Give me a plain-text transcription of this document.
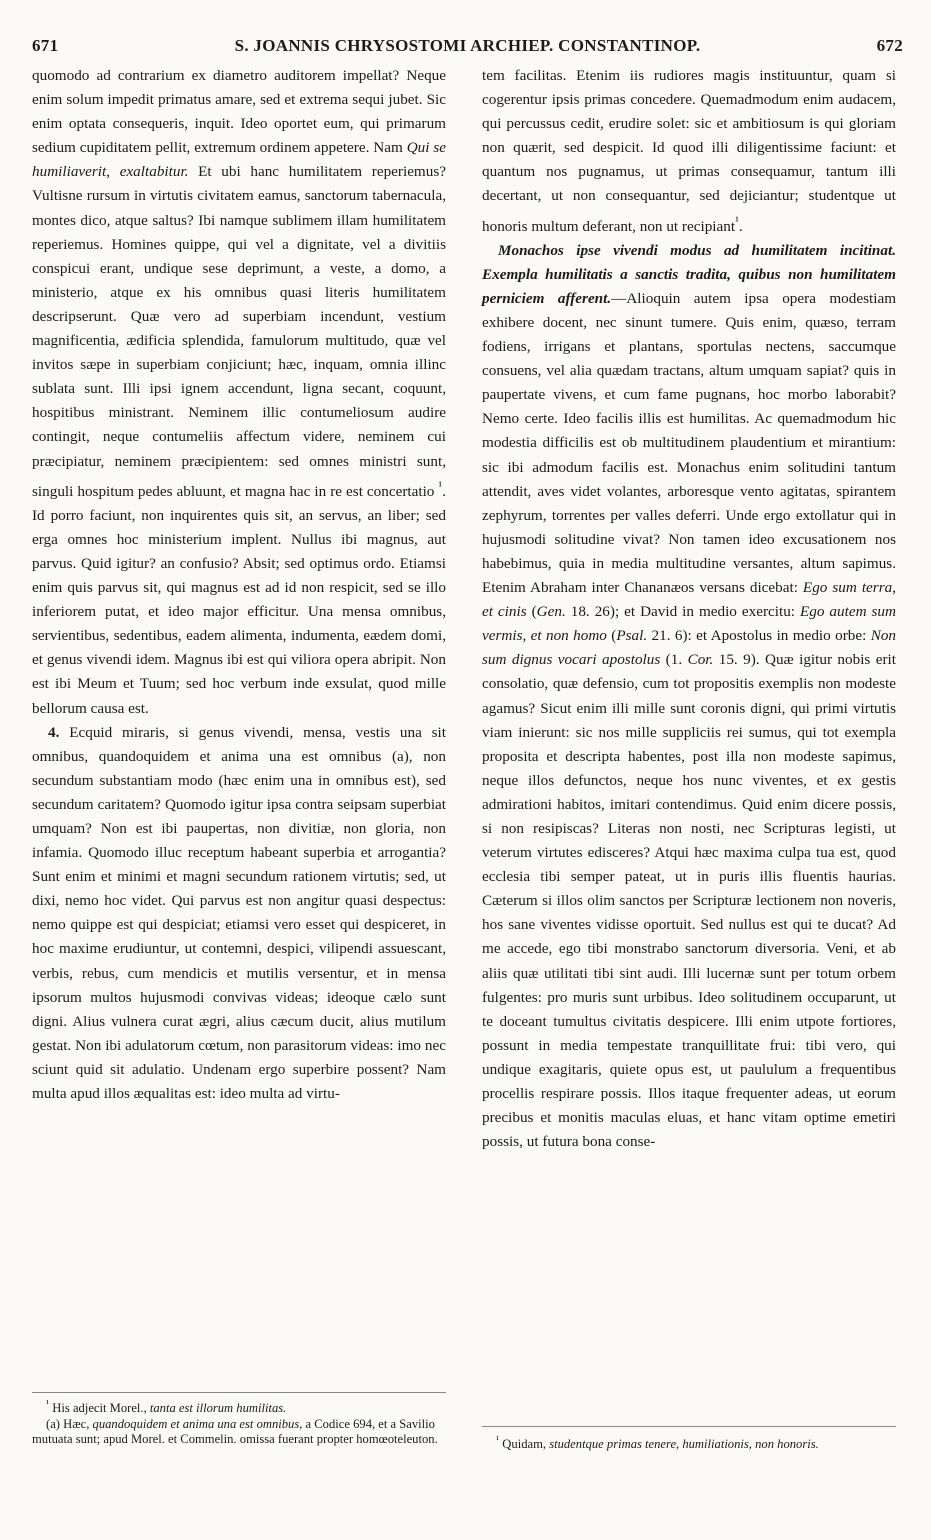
671	S. JOANNIS CHRYSOSTOMI ARCHIEP. CONSTANTINOP.	672

quomodo ad contrarium ex diametro auditorem impellat? Neque enim solum impedit primatus amare, sed et extrema sequi jubet. Sic enim optata consequeris, inquit. Ideo oportet eum, qui primarum sedium cupiditatem pellit, extremum ordinem appetere. Nam Qui se humiliaverit, exaltabitur. Et ubi hanc humilitatem reperiemus? Vultisne rursum in virtutis civitatem eamus, sanctorum tabernacula, montes dico, atque saltus? Ibi namque sublimem illam humilitatem reperiemus. Homines quippe, qui vel a dignitate, vel a divitiis conspicui erant, undique sese deprimunt, a veste, a domo, a ministerio, atque ex his omnibus quasi literis humilitatem descripserunt. Quæ vero ad superbiam incendunt, vestium magnificentia, ædificia splendida, famulorum multitudo, quæ vel invitos sæpe in superbiam conjiciunt; hæc, inquam, omnia illinc sublata sunt. Illi ipsi ignem accendunt, ligna secant, coquunt, hospitibus ministrant. Neminem illic contumeliosum audire contingit, neque contumeliis affectum videre, neminem cui præcipiatur, neminem præcipientem: sed omnes ministri sunt, singuli hospitum pedes abluunt, et magna hac in re est concertatio $^{^1}$. Id porro faciunt, non inquirentes quis sit, an servus, an liber; sed erga omnes hoc ministerium implent. Nullus ibi magnus, aut parvus. Quid igitur? an confusio? Absit; sed optimus ordo. Etiamsi enim quis parvus sit, qui magnus est ad id non respicit, sed se illo inferiorem putat, et ideo major efficitur. Una mensa omnibus, servientibus, sedentibus, eadem alimenta, indumenta, eædem domi, et genus vivendi idem. Magnus ibi est qui viliora opera abripit. Non est ibi Meum et Tuum; sed hoc verbum inde exsulat, quod mille bellorum causa est.

4. Ecquid miraris, si genus vivendi, mensa, vestis una sit omnibus, quandoquidem et anima una est omnibus (a), non secundum substantiam modo (hæc enim una in omnibus est), sed secundum caritatem? Quomodo igitur ipsa contra seipsam superbiat umquam? Non est ibi paupertas, non divitiæ, non gloria, non infamia. Quomodo illuc receptum habeant superbia et arrogantia? Sunt enim et minimi et magni secundum rationem virtutis; sed, ut dixi, nemo hoc videt. Qui parvus est non angitur quasi despectus: nemo quippe est qui despiciat; etiamsi vero esset qui despiceret, in hoc maxime erudiuntur, ut contemni, despici, vilipendi assuescant, verbis, rebus, cum mendicis et mutilis versentur, et in mensa ipsorum multos hujusmodi convivas videas; ideoque cælo sunt digni. Alius vulnera curat ægri, alius cæcum ducit, alius mutilum gestat. Non ibi adulatorum cœtum, non parasitorum videas: imo nec sciunt quid sit adulatio. Undenam ergo superbire possent? Nam multa apud illos æqualitas est: ideo multa ad virtu-

tem facilitas. Etenim iis rudiores magis instituuntur, quam si cogerentur ipsis primas concedere. Quemadmodum enim audacem, qui percussus cedit, erudire solet: sic et ambitiosum is qui gloriam non quærit, sed despicit. Id quod illi diligentissime faciunt: et quantum nos pugnamus, ut primas consequamur, tantum illi decertant, ut non consequantur, sed dejiciantur; studentque ut honoris multum deferant, non ut recipiant$^{^1}$.

Monachos ipse vivendi modus ad humilitatem incitinat. Exempla humilitatis a sanctis tradita, quibus non humilitatem perniciem afferent.—Alioquin autem ipsa opera modestiam exhibere docent, nec sinunt tumere. Quis enim, quæso, terram fodiens, irrigans et plantans, sportulas nectens, saccumque consuens, vel alia quædam tractans, altum umquam sapiat? quis in paupertate vivens, et cum fame pugnans, hoc morbo laborabit? Nemo certe. Ideo facilis illis est humilitas. Ac quemadmodum hic modestia difficilis est ob multitudinem plaudentium et mirantium: sic ibi admodum facilis est. Monachus enim solitudini tantum attendit, aves videt volantes, arboresque vento agitatas, spirantem zephyrum, torrentes per valles deferri. Unde ergo extollatur qui in hujusmodi solitudine vivat? Non tamen ideo excusationem nos habebimus, quia in media multitudine versantes, altum sapimus. Etenim Abraham inter Chananæos versans dicebat: Ego sum terra, et cinis (Gen. 18. 26); et David in medio exercitu: Ego autem sum vermis, et non homo (Psal. 21. 6): et Apostolus in medio orbe: Non sum dignus vocari apostolus (1. Cor. 15. 9). Quæ igitur nobis erit consolatio, quæ defensio, cum tot propositis exemplis non modeste agamus? Sicut enim illi mille sunt coronis digni, qui primi virtutis viam inierunt: sic nos mille suppliciis rei sumus, qui tot exempla proposita et descripta habentes, post illa non modeste sapimus, neque illos defunctos, neque hos nunc viventes, et ex gestis admirationi habitos, imitari contendimus. Quid enim dicere possis, si non resipiscas? Literas non nosti, nec Scripturas legisti, ut veterum virtutes edisceres? Atqui hæc maxima culpa tua est, quod ecclesia tibi semper pateat, ut in puris illis fluentis haurias. Cæterum si illos olim sanctos per Scripturæ lectionem non noveris, hos sane viventes vidisse oportuit. Sed nullus est qui te ducat? Ad me accede, ego tibi monstrabo sanctorum diversoria. Veni, et ab aliis quæ utilitati tibi sint audi. Illi lucernæ sunt per totum orbem fulgentes: pro muris sunt urbibus. Ideo solitudinem occuparunt, ut te doceant tumultus civitatis despicere. Illi enim utpote fortiores, possunt in media tempestate tranquillitate frui: tibi vero, qui undique exagitaris, quiete opus est, ut paululum a frequentibus procellis respirare possis. Illos itaque frequenter adeas, ut eorum precibus et monitis maculas eluas, et hanc vitam optime emetiri possis, ut futura bona conse-

$^{^1}$ His adjecit Morel., tanta est illorum humilitas.

(a) Hæc, quandoquidem et anima una est omnibus, a Codice 694, et a Savilio mutuata sunt; apud Morel. et Commelin. omissa fuerant propter homœoteleuton.	$^{^1}$ Quidam, studentque primas tenere, humiliationis, non honoris.
